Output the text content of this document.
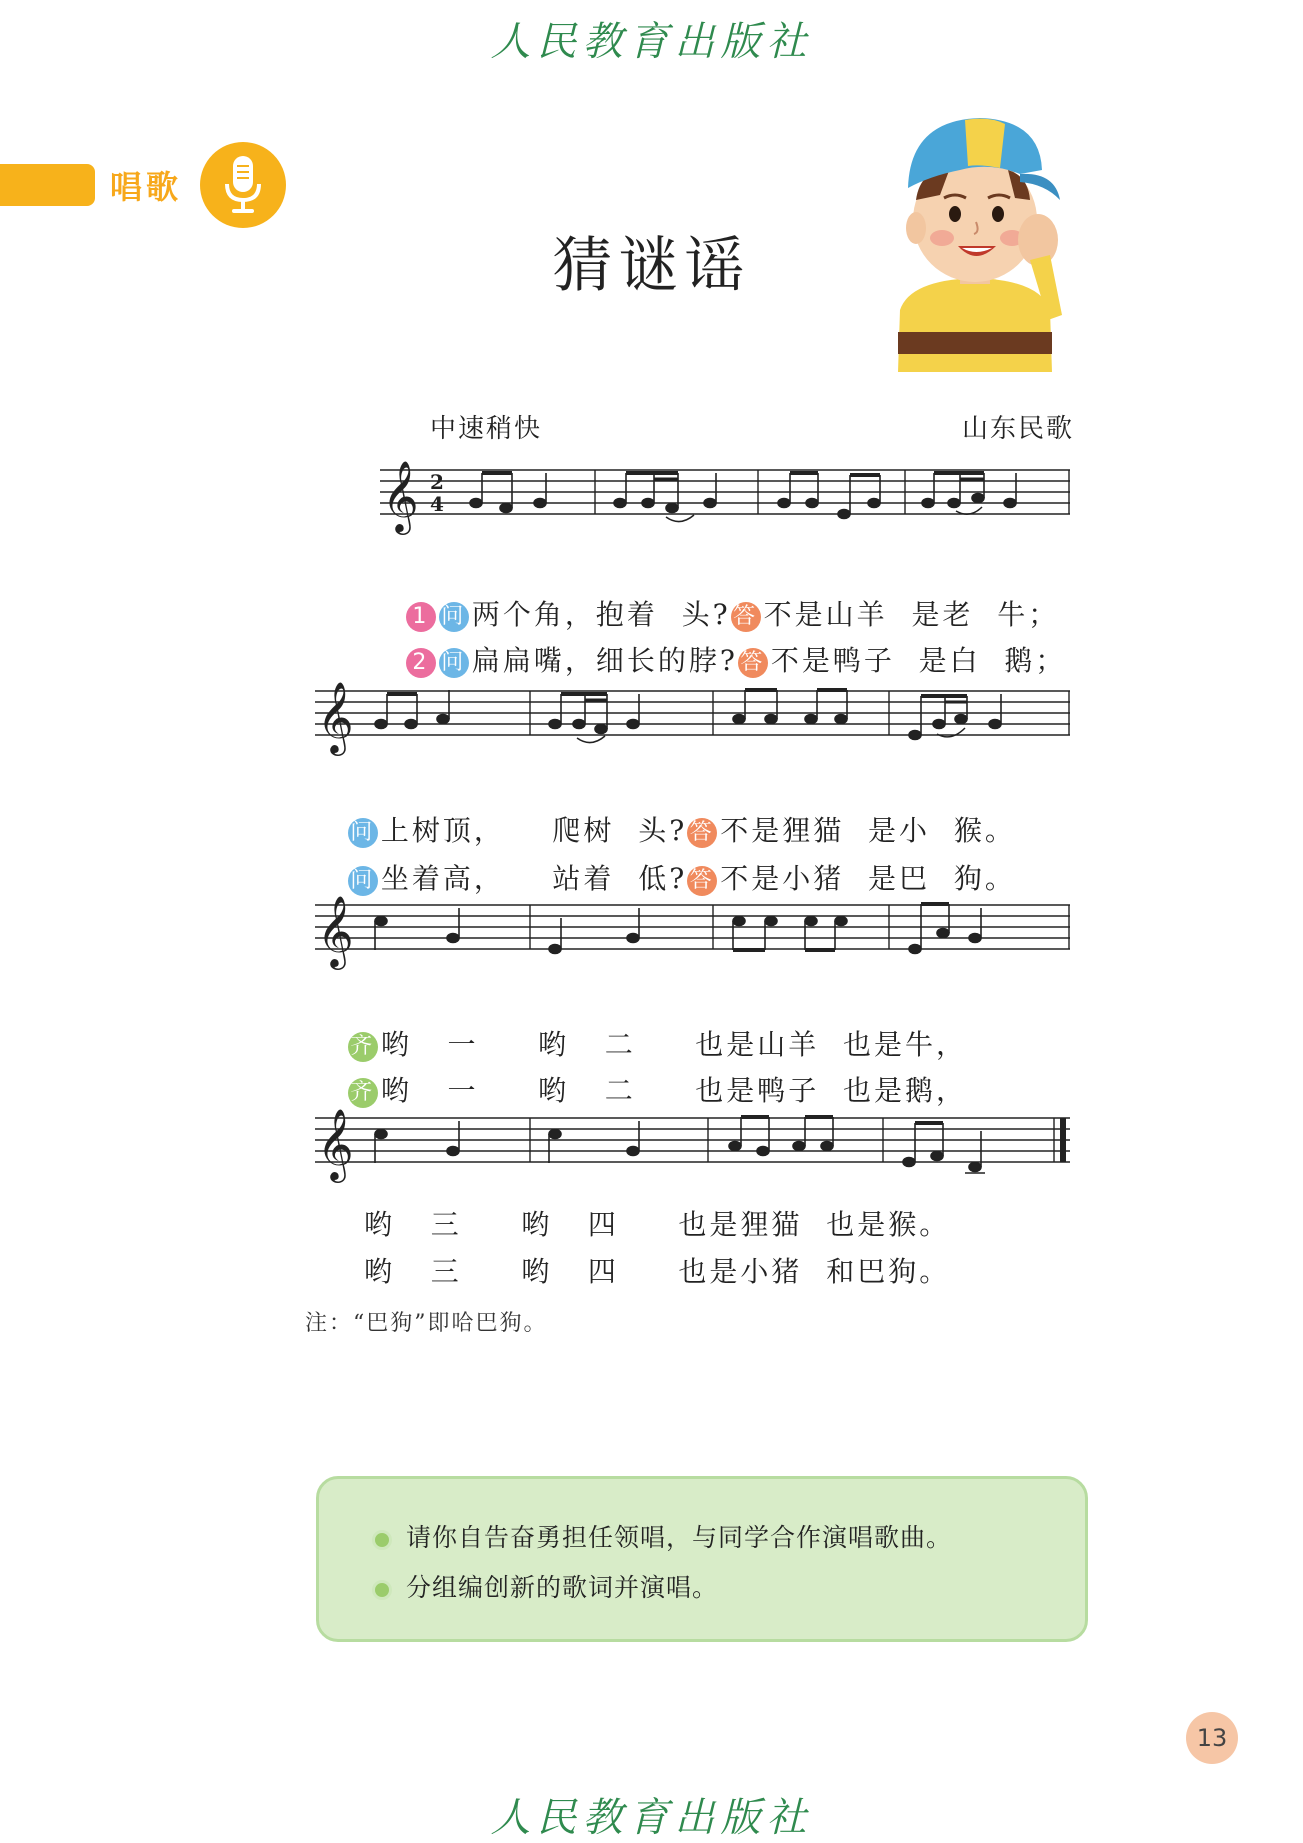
人民教育出版社
唱歌
猜谜谣
中速稍快	山东民歌
𝄞 2
4

1 问 两个角，抱着  头? 答 不是山羊  是老  牛；

2 问 扁扁嘴，细长的脖? 答 不是鸭子  是白  鹅；

𝄞

问 上树顶，    爬树  头? 答 不是狸猫  是小  猴。

问 坐着高，    站着  低? 答 不是小猪  是巴  狗。

𝄞

齐 哟   一     哟   二     也是山羊  也是牛，

齐 哟   一     哟   二     也是鸭子  也是鹅，

𝄞
哟   三     哟   四     也是狸猫  也是猴。
哟   三     哟   四     也是小猪  和巴狗。
注：“巴狗”即哈巴狗。
请你自告奋勇担任领唱，与同学合作演唱歌曲。
分组编创新的歌词并演唱。
13
人民教育出版社
